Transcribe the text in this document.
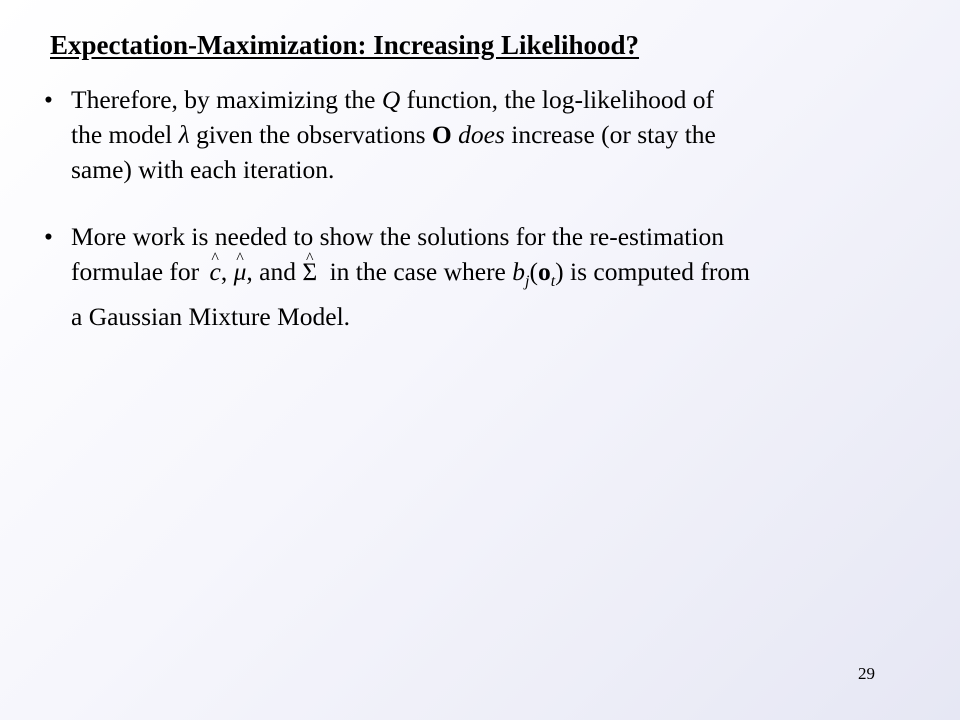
Expectation-Maximization: Increasing Likelihood?
• Therefore, by maximizing the Q function, the log-likelihood of
the model λ given the observations O does increase (or stay the
same) with each iteration.
• More work is needed to show the solutions for the re-estimation
formulae for ^ c, ^ μ, and ^ Σ in the case where $b_j(o_t)$ is computed from
a Gaussian Mixture Model.
29
